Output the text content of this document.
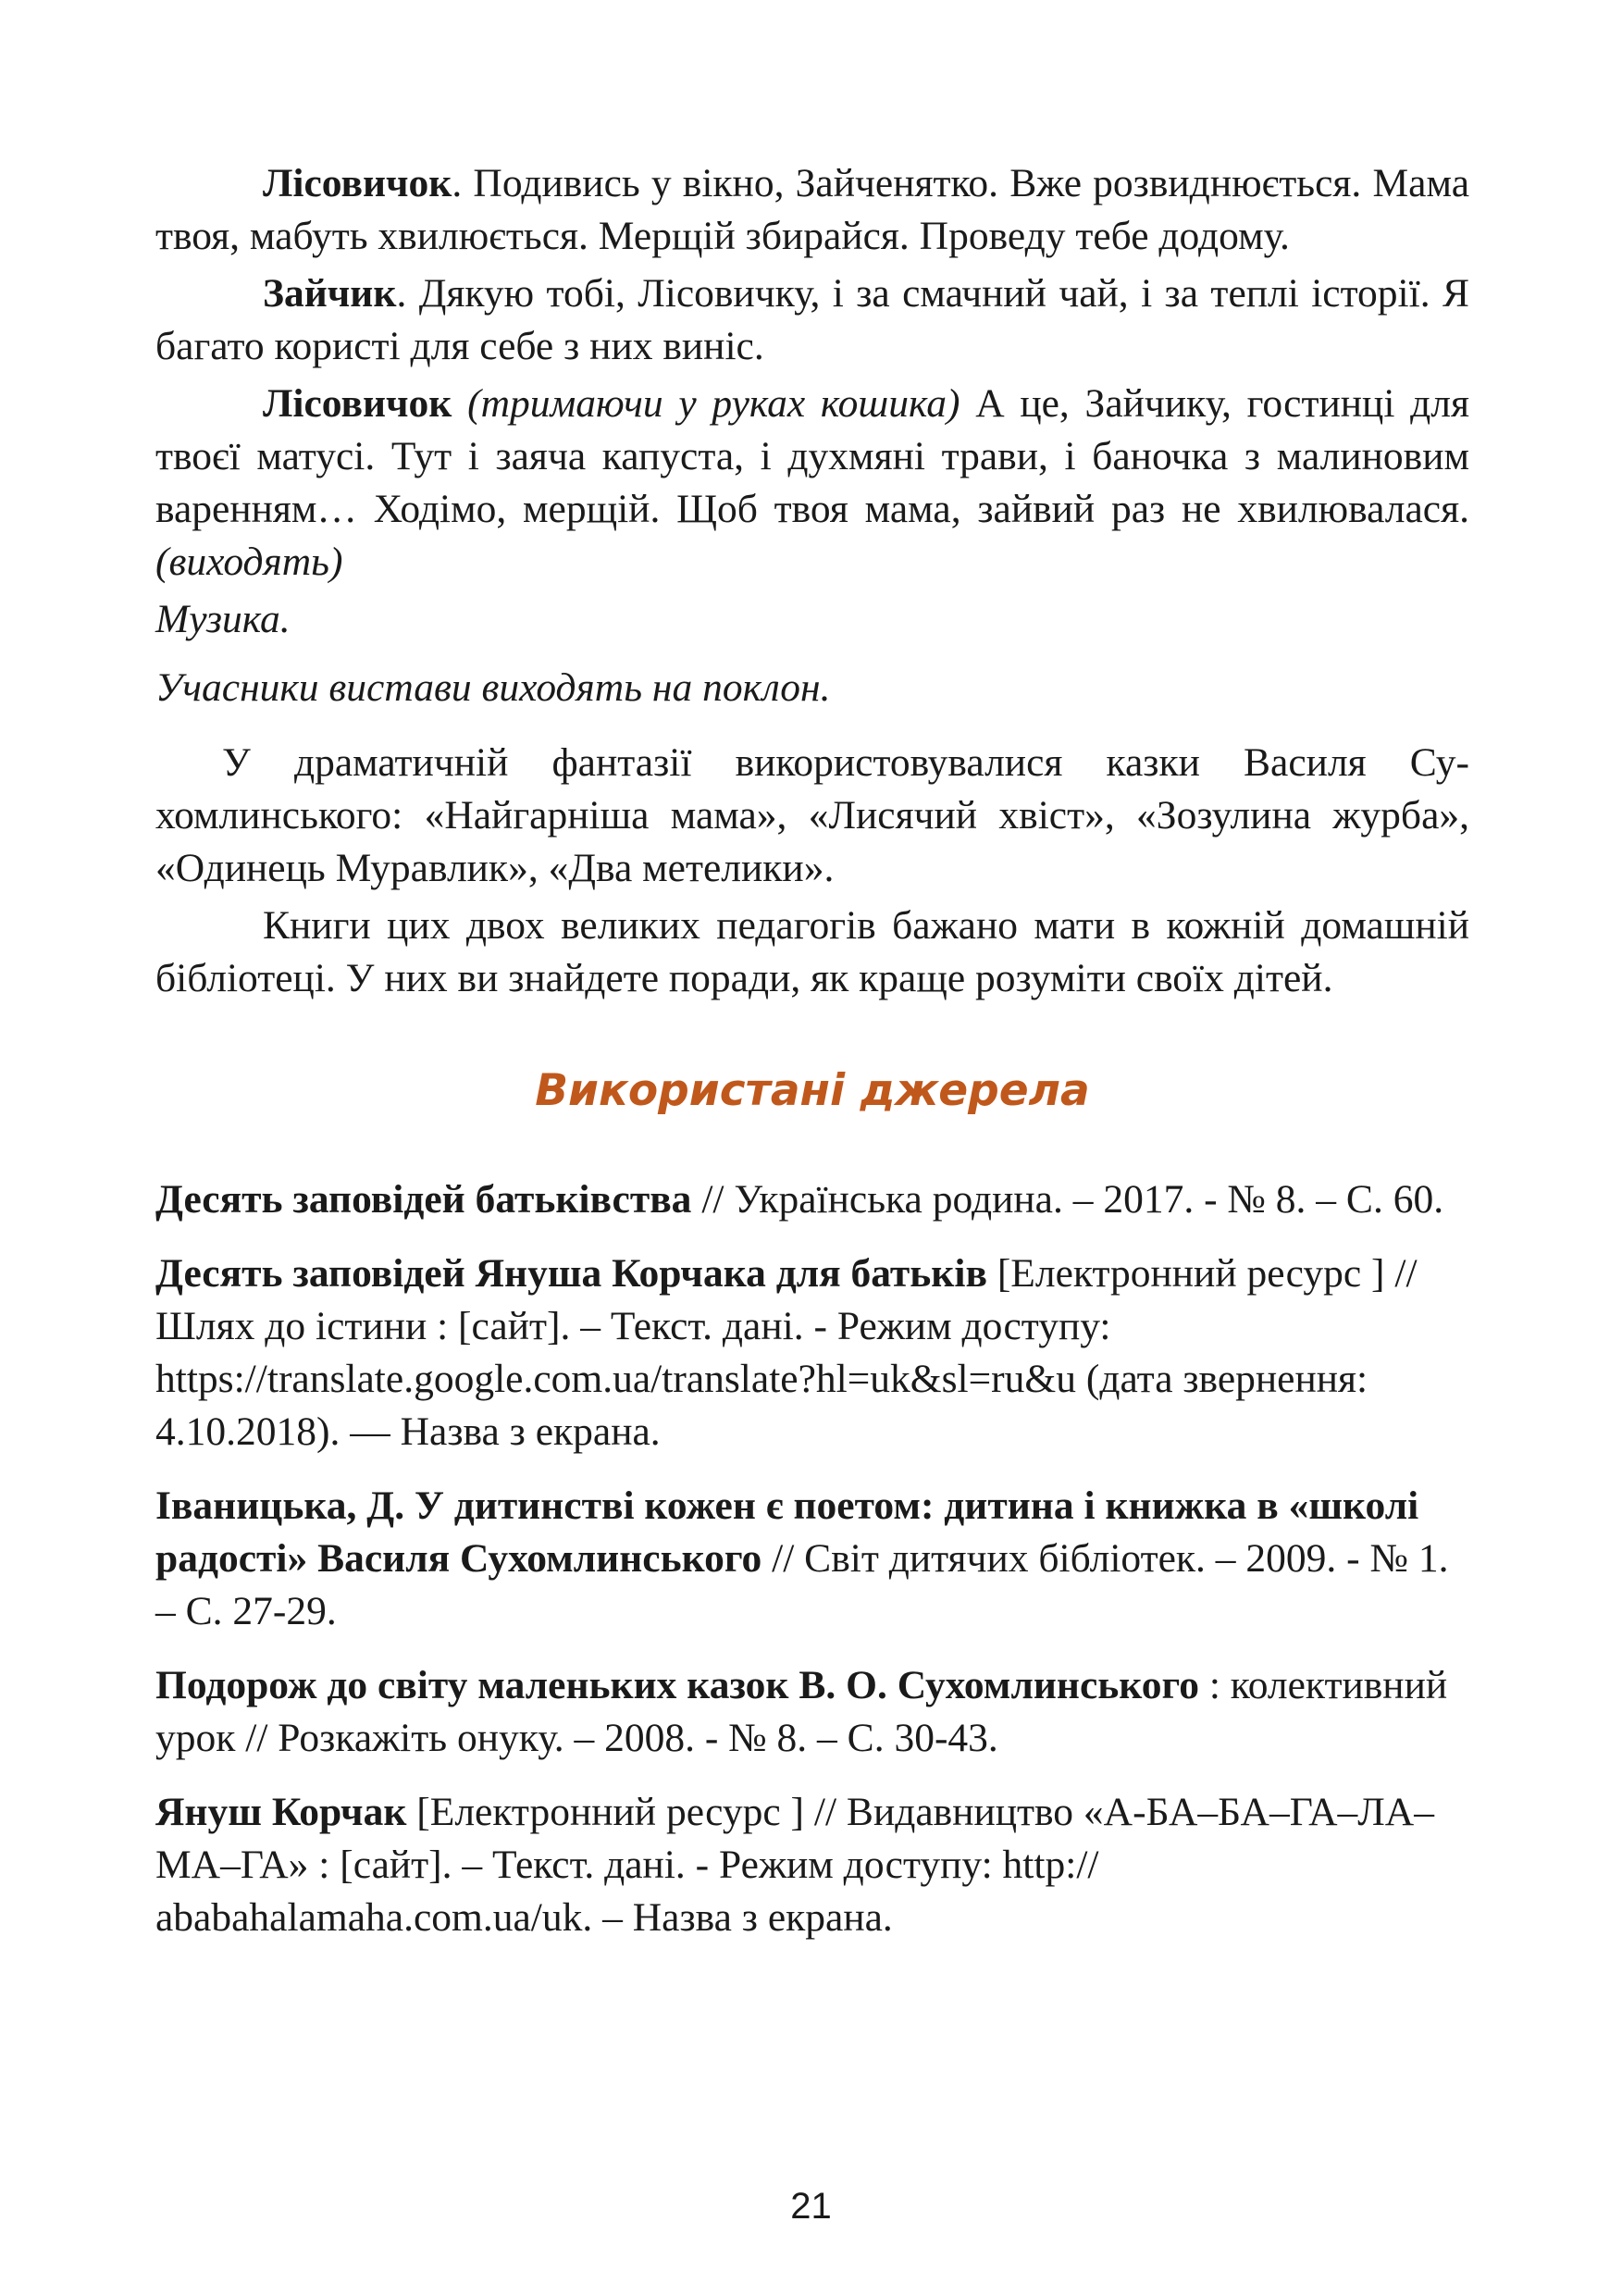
Лісовичок. Подивись у вікно, Зайченятко. Вже розвиднюється. Мама твоя, мабуть хвилюється. Мерщій збирайся. Проведу тебе додому.

Зайчик. Дякую тобі, Лісовичку, і за смачний чай, і за теплі історії. Я багато користі для себе з них виніс.

Лісовичок (тримаючи у руках кошика) А це, Зайчику, гостинці для твоєї матусі. Тут і заяча капуста, і духмяні трави, і баночка з малиновим варенням… Ходімо, мерщій. Щоб твоя мама, зайвий раз не хвилювалася. (виходять)

Музика.

Учасники вистави виходять на поклон.

У драматичній фантазії використовувалися казки Василя Сухомлинського: «Найгарніша мама», «Лисячий хвіст», «Зозулина журба», «Одинець Муравлик», «Два метелики».

Книги цих двох великих педагогів бажано мати в кожній домашній бібліотеці. У них ви знайдете поради, як краще розуміти своїх дітей.

Використані джерела

Десять заповідей батьківства // Українська родина. – 2017. - № 8. – С. 60.

Десять заповідей Януша Корчака для батьків [Електронний ресурс ] // Шлях до істини : [сайт]. – Текст. дані. - Режим доступу: https://translate.google.com.ua/translate?hl=uk&sl=ru&u (дата звернення: 4.10.2018). — Назва з екрана.

Іваницька, Д. У дитинстві кожен є поетом: дитина і книжка в «школі радості» Василя Сухомлинського // Світ дитячих бібліотек. – 2009. - № 1. – С. 27-29.

Подорож до світу маленьких казок В. О. Сухомлинського : колективний урок // Розкажіть онуку. – 2008. - № 8. – С. 30-43.

Януш Корчак [Електронний ресурс ] // Видавництво «А-БА–БА–ГА–ЛА–МА–ГА» : [сайт]. – Текст. дані. - Режим доступу: http:// ababahalamaha.com.ua/uk. – Назва з екрана.

21
